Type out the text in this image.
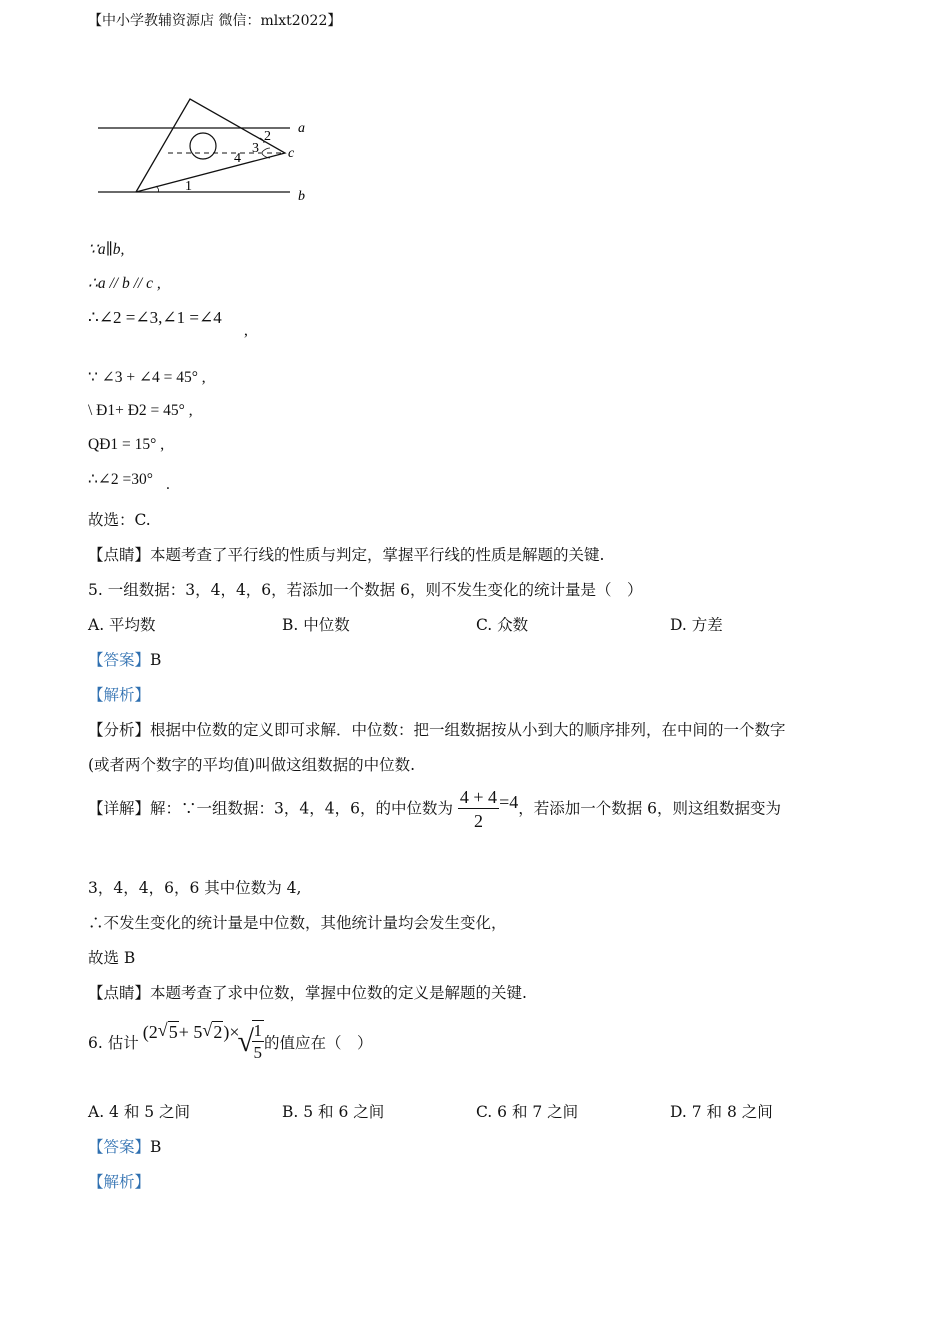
【中小学教辅资源店 微信：mlxt2022】
a
b
c
1
2
3
4
∵a∥b,
∴a // b // c ,
∴∠2 =∠3,∠1 =∠4
,
∵ ∠3 + ∠4 = 45° ,
\ Ð1+ Ð2 = 45° ,
QÐ1 = 15° ,
∴∠2 =30° .
故选：C.
【点睛】本题考查了平行线的性质与判定，掌握平行线的性质是解题的关键.
5. 一组数据：3，4，4，6，若添加一个数据 6，则不发生变化的统计量是（　）
A. 平均数	B. 中位数	C. 众数	D. 方差
【答案】B
【解析】
【分析】根据中位数的定义即可求解．中位数：把一组数据按从小到大的顺序排列，在中间的一个数字
(或者两个数字的平均值)叫做这组数据的中位数.
【详解】解：∵一组数据：3，4，4，6，的中位数为 $\frac{4 + 4}{2} =4$，若添加一个数据 6，则这组数据变为
3，4，4，6，6 其中位数为 4,
∴不发生变化的统计量是中位数，其他统计量均会发生变化，
故选 B
【点睛】本题考查了求中位数，掌握中位数的定义是解题的关键.
6. 估计
(2 √ 5 + 5 √ 2 )×
√ 1
5 的值应在（　）
A. 4 和 5 之间	B. 5 和 6 之间	C. 6 和 7 之间	D. 7 和 8 之间
【答案】B
【解析】
